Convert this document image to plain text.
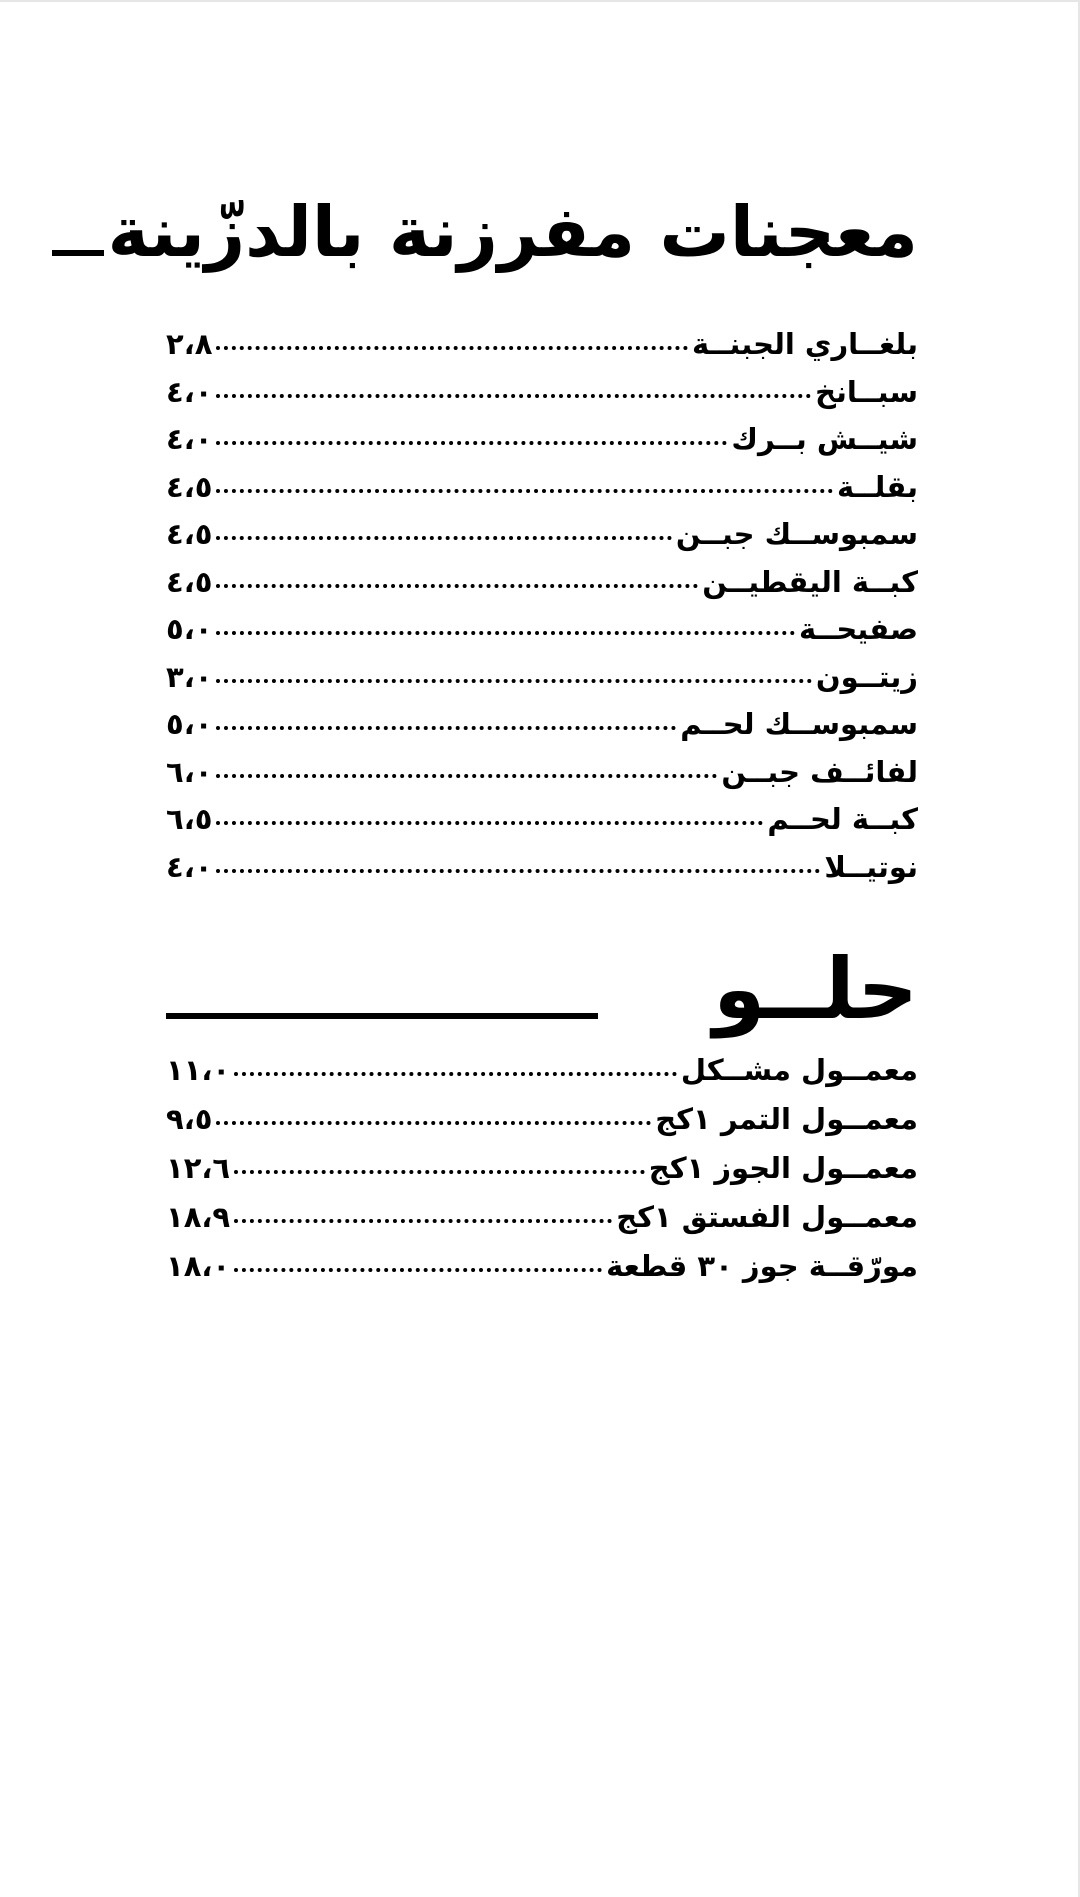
معجنات مفرزنة بالدزّينة
بلغــاري الجبنــة
٢،٨
سبــانخ
٤،٠
شيــش بــرك
٤،٠
بقلــة
٤،٥
سمبوســك جبــن
٤،٥
كبــة اليقطيــن
٤،٥
صفيحــة
٥،٠
زيتــون
٣،٠
سمبوســك لحــم
٥،٠
لفائــف جبــن
٦،٠
كبــة لحــم
٦،٥
نوتيــلا
٤،٠
حلــو
معمــول مشــكل
١١،٠
معمــول التمر ١كج
٩،٥
معمــول الجوز ١كج
١٢،٦
معمــول الفستق ١كج
١٨،٩
مورّقــة جوز ٣٠ قطعة
١٨،٠
